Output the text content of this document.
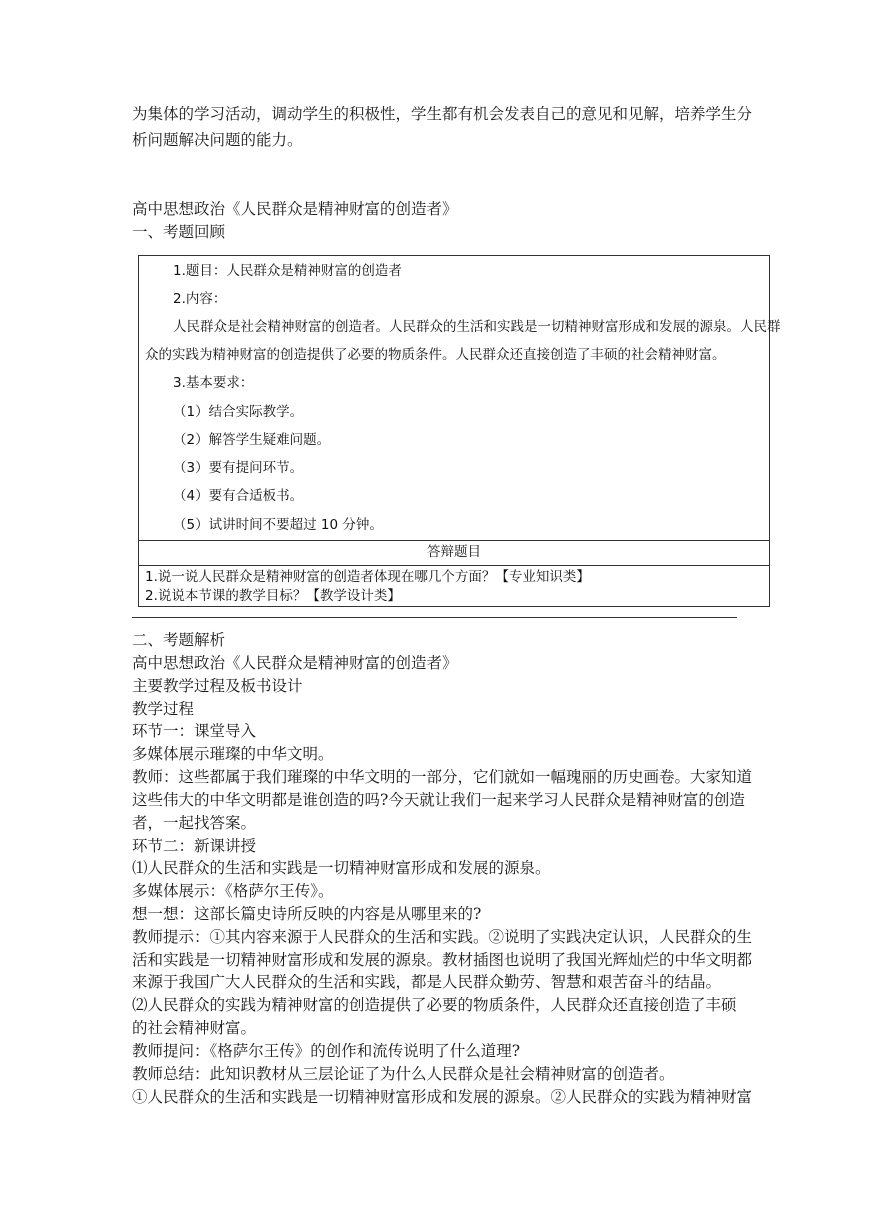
为集体的学习活动，调动学生的积极性，学生都有机会发表自己的意见和见解，培养学生分
析问题解决问题的能力。
高中思想政治《人民群众是精神财富的创造者》
一、考题回顾
1.题目：人民群众是精神财富的创造者
2.内容：
人民群众是社会精神财富的创造者。人民群众的生活和实践是一切精神财富形成和发展的源泉。人民群
众的实践为精神财富的创造提供了必要的物质条件。人民群众还直接创造了丰硕的社会精神财富。
3.基本要求：
（1）结合实际教学。
（2）解答学生疑难问题。
（3）要有提问环节。
（4）要有合适板书。
（5）试讲时间不要超过 10 分钟。
答辩题目
1.说一说人民群众是精神财富的创造者体现在哪几个方面？【专业知识类】
2.说说本节课的教学目标？【教学设计类】
二、考题解析
高中思想政治《人民群众是精神财富的创造者》
主要教学过程及板书设计
教学过程
环节一：课堂导入
多媒体展示璀璨的中华文明。
教师：这些都属于我们璀璨的中华文明的一部分，它们就如一幅瑰丽的历史画卷。大家知道
这些伟大的中华文明都是谁创造的吗?今天就让我们一起来学习人民群众是精神财富的创造
者，一起找答案。
环节二：新课讲授
⑴人民群众的生活和实践是一切精神财富形成和发展的源泉。
多媒体展示：《格萨尔王传》。
想一想：这部长篇史诗所反映的内容是从哪里来的?
教师提示：①其内容来源于人民群众的生活和实践。②说明了实践决定认识，人民群众的生
活和实践是一切精神财富形成和发展的源泉。教材插图也说明了我国光辉灿烂的中华文明都
来源于我国广大人民群众的生活和实践，都是人民群众勤劳、智慧和艰苦奋斗的结晶。
⑵人民群众的实践为精神财富的创造提供了必要的物质条件，人民群众还直接创造了丰硕
的社会精神财富。
教师提问：《格萨尔王传》的创作和流传说明了什么道理?
教师总结：此知识教材从三层论证了为什么人民群众是社会精神财富的创造者。
①人民群众的生活和实践是一切精神财富形成和发展的源泉。②人民群众的实践为精神财富
